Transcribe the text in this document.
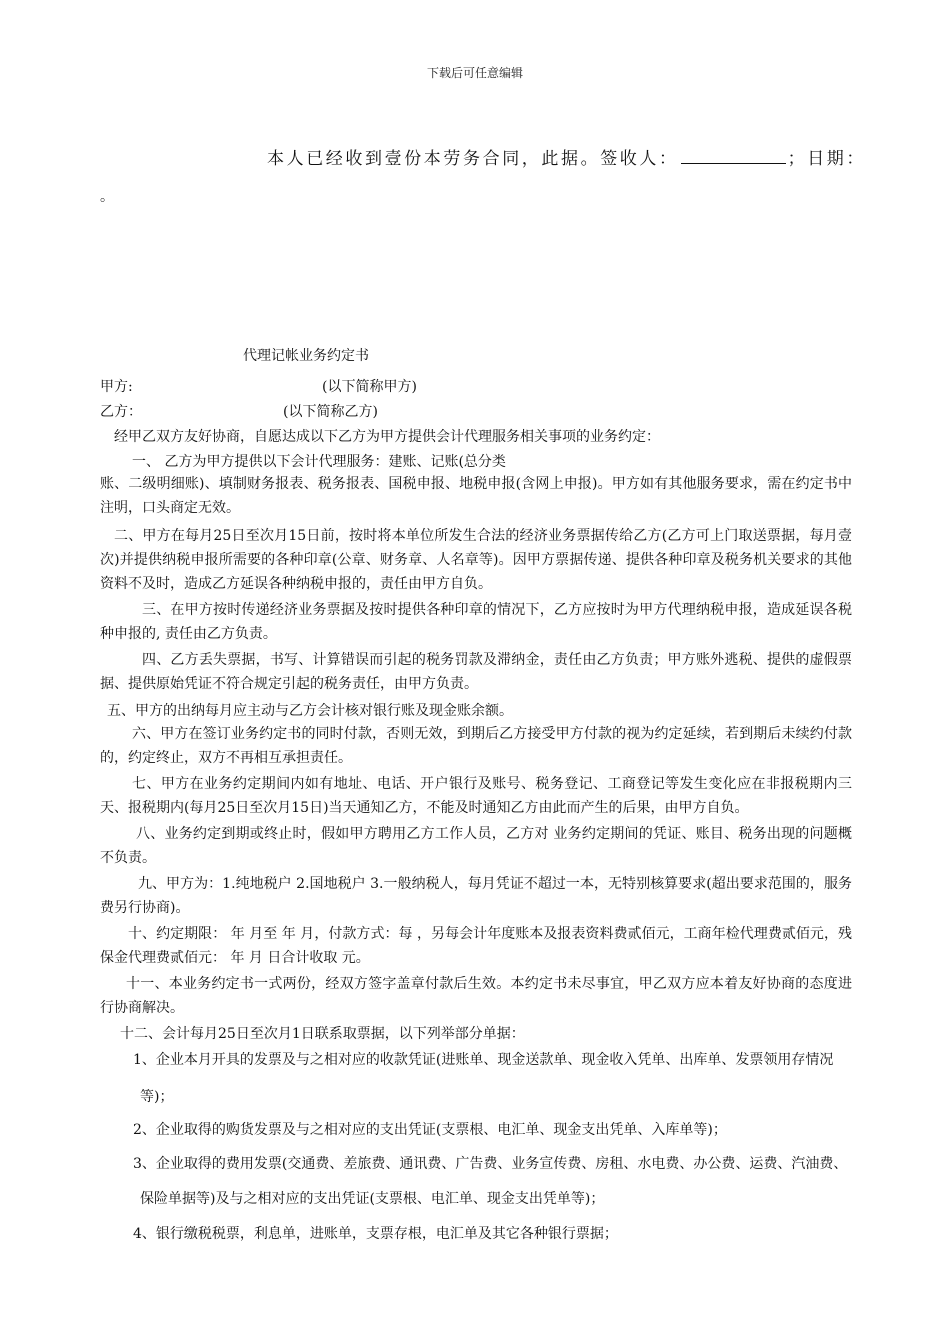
下载后可任意编辑
本人已经收到壹份本劳务合同，此据。签收人：	；日期：
。
代理记帐业务约定书
甲方:	(以下简称甲方)
乙方：	(以下简称乙方)
经甲乙双方友好协商，自愿达成以下乙方为甲方提供会计代理服务相关事项的业务约定：
一、 乙方为甲方提供以下会计代理服务：建账、记账(总分类
账、二级明细账)、填制财务报表、税务报表、国税申报、地税申报(含网上申报)。甲方如有其他服务要求，需在约定书中注明，口头商定无效。
二、甲方在每月25日至次月15日前，按时将本单位所发生合法的经济业务票据传给乙方(乙方可上门取送票据，每月壹次)并提供纳税申报所需要的各种印章(公章、财务章、人名章等)。因甲方票据传递、提供各种印章及税务机关要求的其他资料不及时，造成乙方延误各种纳税申报的，责任由甲方自负。
三、在甲方按时传递经济业务票据及按时提供各种印章的情况下，乙方应按时为甲方代理纳税申报，造成延误各税种申报的, 责任由乙方负责。
四、乙方丢失票据，书写、计算错误而引起的税务罚款及滞纳金，责任由乙方负责；甲方账外逃税、提供的虚假票据、提供原始凭证不符合规定引起的税务责任，由甲方负责。
五、甲方的出纳每月应主动与乙方会计核对银行账及现金账余额。
六、甲方在签订业务约定书的同时付款，否则无效，到期后乙方接受甲方付款的视为约定延续，若到期后未续约付款的，约定终止，双方不再相互承担责任。
七、甲方在业务约定期间内如有地址、电话、开户银行及账号、税务登记、工商登记等发生变化应在非报税期内三天、报税期内(每月25日至次月15日)当天通知乙方，不能及时通知乙方由此而产生的后果，由甲方自负。
八、业务约定到期或终止时，假如甲方聘用乙方工作人员，乙方对 业务约定期间的凭证、账目、税务出现的问题概不负责。
九、甲方为：1.纯地税户 2.国地税户 3.一般纳税人，每月凭证不超过一本，无特别核算要求(超出要求范围的，服务费另行协商)。
十、约定期限： 年 月至 年 月，付款方式：每 ，另每会计年度账本及报表资料费贰佰元，工商年检代理费贰佰元，残保金代理费贰佰元： 年 月 日合计收取 元。
十一、本业务约定书一式两份，经双方签字盖章付款后生效。本约定书未尽事宜，甲乙双方应本着友好协商的态度进行协商解决。
十二、会计每月25日至次月1日联系取票据，以下列举部分单据：
1、企业本月开具的发票及与之相对应的收款凭证(进账单、现金送款单、现金收入凭单、出库单、发票领用存情况
等)；
2、企业取得的购货发票及与之相对应的支出凭证(支票根、电汇单、现金支出凭单、入库单等)；
3、企业取得的费用发票(交通费、差旅费、通讯费、广告费、业务宣传费、房租、水电费、办公费、运费、汽油费、
保险单据等)及与之相对应的支出凭证(支票根、电汇单、现金支出凭单等)；
4、银行缴税税票，利息单，进账单，支票存根，电汇单及其它各种银行票据；
